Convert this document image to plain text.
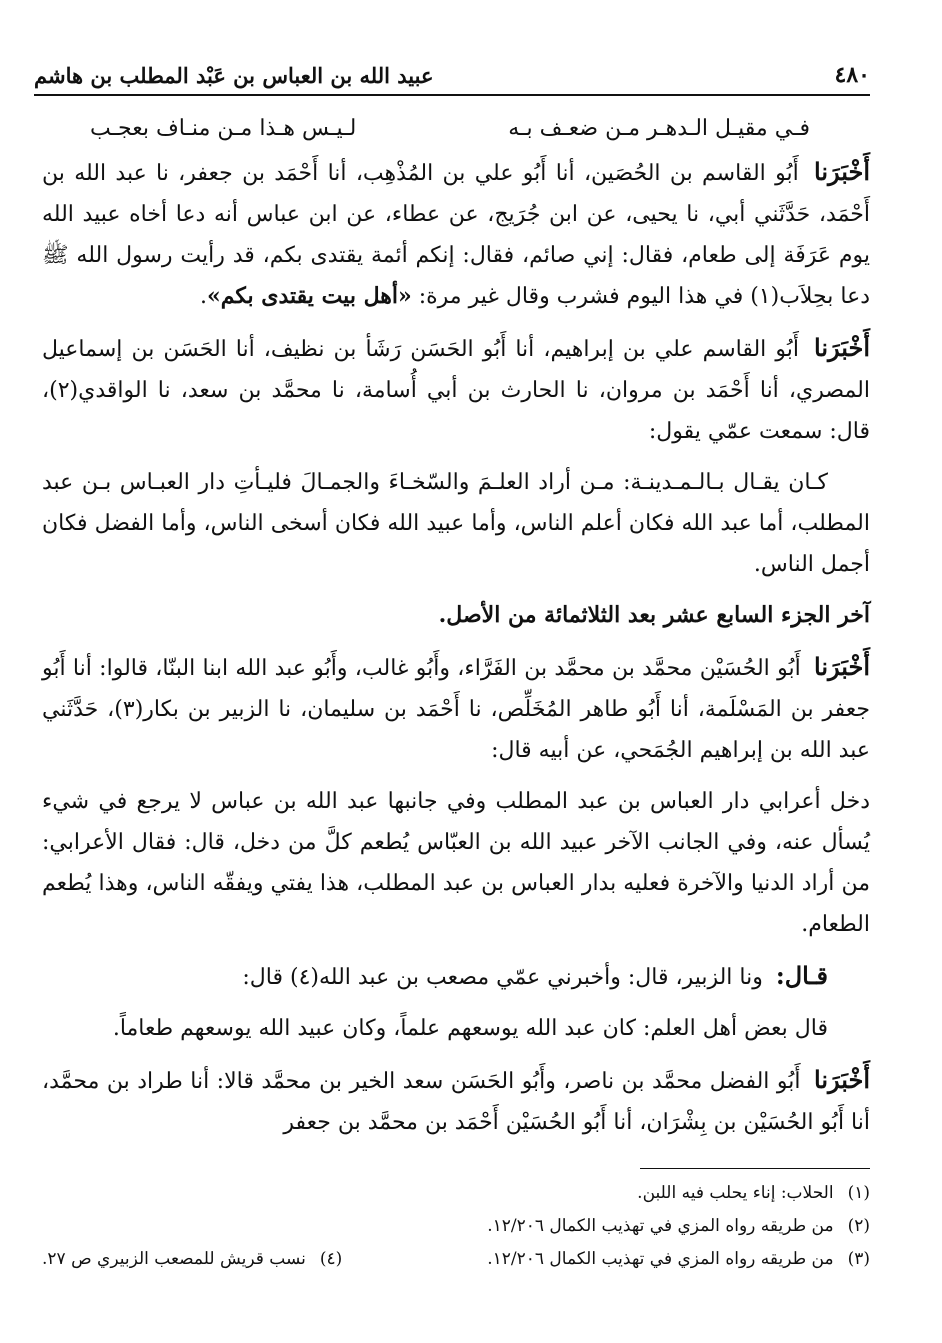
٤٨٠
عبيد الله بن العباس بن عَبْد المطلب بن هاشم
فـي مقيـل الـدهـر مـن ضعـف بـه
لـيـس هـذا مـن منـاف بعجـب

أَخْبَرَنا أَبُو القاسم بن الحُصَين، أنا أَبُو علي بن المُذْهِب، أنا أَحْمَد بن جعفر، نا عبد الله بن أَحْمَد، حَدَّثَني أبي، نا يحيى، عن ابن جُرَيج، عن عطاء، عن ابن عباس أنه دعا أخاه عبيد الله يوم عَرَفَة إلى طعام، فقال: إني صائم، فقال: إنكم أئمة يقتدى بكم، قد رأيت رسول الله ﷺ دعا بحِلاَب(١) في هذا اليوم فشرب وقال غير مرة: «أهل بيت يقتدى بكم».

أَخْبَرَنا أَبُو القاسم علي بن إبراهيم، أنا أَبُو الحَسَن رَشَأ بن نظيف، أنا الحَسَن بن إسماعيل المصري، أنا أَحْمَد بن مروان، نا الحارث بن أبي أُسامة، نا محمَّد بن سعد، نا الواقدي(٢)، قال: سمعت عمّي يقول:

كـان يقـال بـالـمـدينـة: مـن أراد العلـمَ والسّخـاءَ والجمـالَ فليـأتِ دار العبـاس بـن عبد المطلب، أما عبد الله فكان أعلم الناس، وأما عبيد الله فكان أسخى الناس، وأما الفضل فكان أجمل الناس.

آخر الجزء السابع عشر بعد الثلاثمائة من الأصل.

أَخْبَرَنا أَبُو الحُسَيْن محمَّد بن محمَّد بن الفَرَّاء، وأَبُو غالب، وأَبُو عبد الله ابنا البنّا، قالوا: أنا أَبُو جعفر بن المَسْلَمة، أنا أَبُو طاهر المُخَلِّص، نا أَحْمَد بن سليمان، نا الزبير بن بكار(٣)، حَدَّثَني عبد الله بن إبراهيم الجُمَحي، عن أبيه قال:

دخل أعرابي دار العباس بن عبد المطلب وفي جانبها عبد الله بن عباس لا يرجع في شيء يُسأل عنه، وفي الجانب الآخر عبيد الله بن العبّاس يُطعم كلَّ من دخل، قال: فقال الأعرابي: من أراد الدنيا والآخرة فعليه بدار العباس بن عبد المطلب، هذا يفتي ويفقّه الناس، وهذا يُطعم الطعام.

قـال: ونا الزبير، قال: وأخبرني عمّي مصعب بن عبد الله(٤) قال:

قال بعض أهل العلم: كان عبد الله يوسعهم علماً، وكان عبيد الله يوسعهم طعاماً.

أَخْبَرَنا أَبُو الفضل محمَّد بن ناصر، وأَبُو الحَسَن سعد الخير بن محمَّد قالا: أنا طراد بن محمَّد، أنا أَبُو الحُسَيْن بن بِشْرَان، أنا أَبُو الحُسَيْن أَحْمَد بن محمَّد بن جعفر

(١)
الحلاب: إناء يحلب فيه اللبن.
(٢)
من طريقه رواه المزي في تهذيب الكمال ١٢/٢٠٦.
(٣)
من طريقه رواه المزي في تهذيب الكمال ١٢/٢٠٦.
(٤)
نسب قريش للمصعب الزبيري ص ٢٧.
